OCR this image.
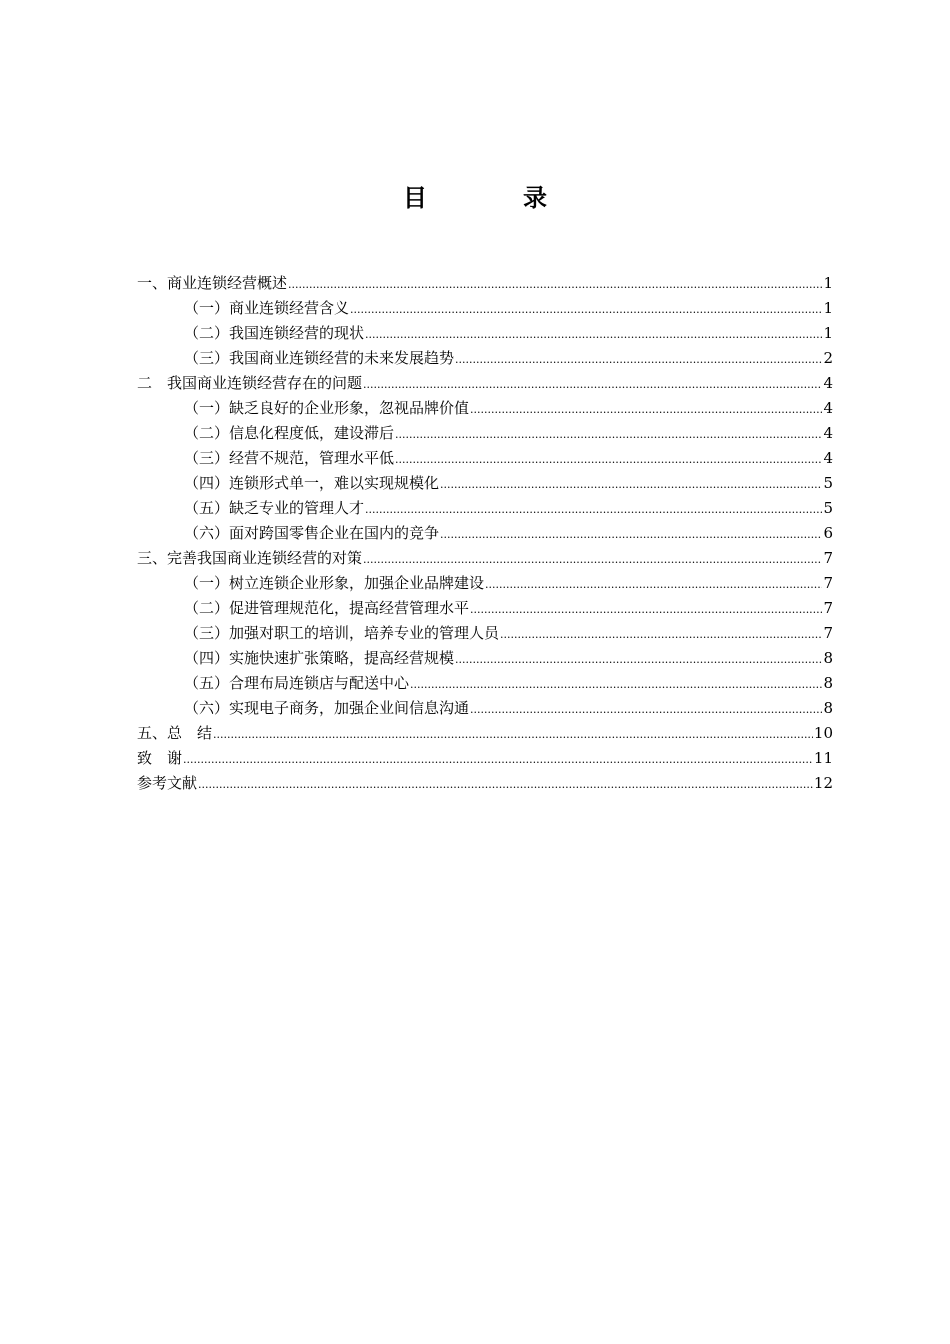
目　录
一、商业连锁经营概述 .....	1
（一）商业连锁经营含义 .....	1
（二）我国连锁经营的现状 .....	1
（三）我国商业连锁经营的未来发展趋势 .....	2
二　我国商业连锁经营存在的问题 .....	4
（一）缺乏良好的企业形象，忽视品牌价值 .....	4
（二）信息化程度低，建设滞后 .....	4
（三）经营不规范，管理水平低 .....	4
（四）连锁形式单一，难以实现规模化 .....	5
（五）缺乏专业的管理人才 .....	5
（六）面对跨国零售企业在国内的竞争 .....	6
三、完善我国商业连锁经营的对策 .....	7
（一）树立连锁企业形象，加强企业品牌建设 .....	7
（二）促进管理规范化，提高经营管理水平 .....	7
（三）加强对职工的培训，培养专业的管理人员 .....	7
（四）实施快速扩张策略，提高经营规模 .....	8
（五）合理布局连锁店与配送中心 .....	8
（六）实现电子商务，加强企业间信息沟通 .....	8
五、总　结 .....	10
致　谢 .....	11
参考文献 .....	12
